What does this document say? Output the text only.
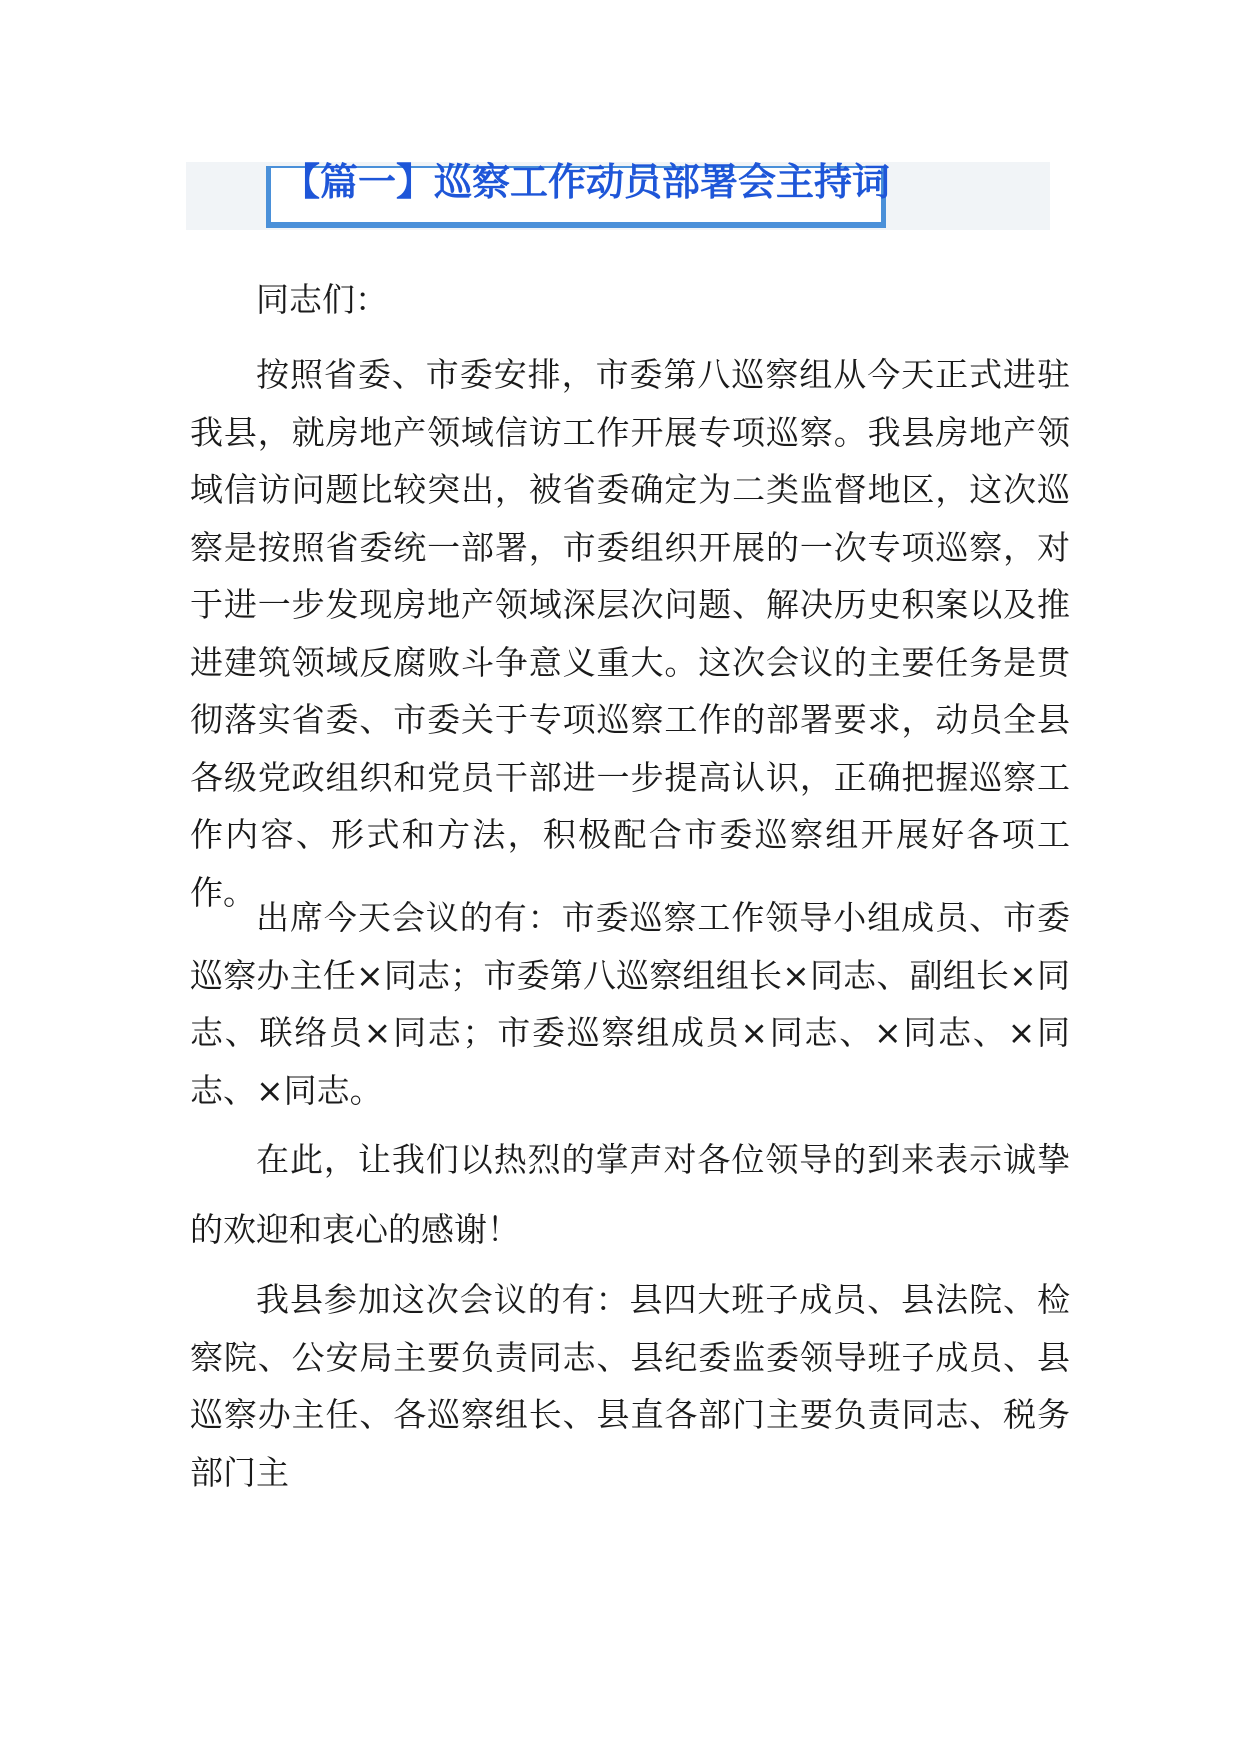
【篇一】巡察工作动员部署会主持词

同志们：

按照省委、市委安排，市委第八巡察组从今天正式进驻我县，就房地产领域信访工作开展专项巡察。我县房地产领域信访问题比较突出，被省委确定为二类监督地区，这次巡察是按照省委统一部署，市委组织开展的一次专项巡察，对于进一步发现房地产领域深层次问题、解决历史积案以及推进建筑领域反腐败斗争意义重大。这次会议的主要任务是贯彻落实省委、市委关于专项巡察工作的部署要求，动员全县各级党政组织和党员干部进一步提高认识，正确把握巡察工作内容、形式和方法，积极配合市委巡察组开展好各项工作。

出席今天会议的有：市委巡察工作领导小组成员、市委巡察办主任×同志；市委第八巡察组组长×同志、副组长×同志、联络员×同志；市委巡察组成员×同志、×同志、×同志、×同志。

在此，让我们以热烈的掌声对各位领导的到来表示诚挚的欢迎和衷心的感谢！

我县参加这次会议的有：县四大班子成员、县法院、检察院、公安局主要负责同志、县纪委监委领导班子成员、县巡察办主任、各巡察组长、县直各部门主要负责同志、税务部门主
